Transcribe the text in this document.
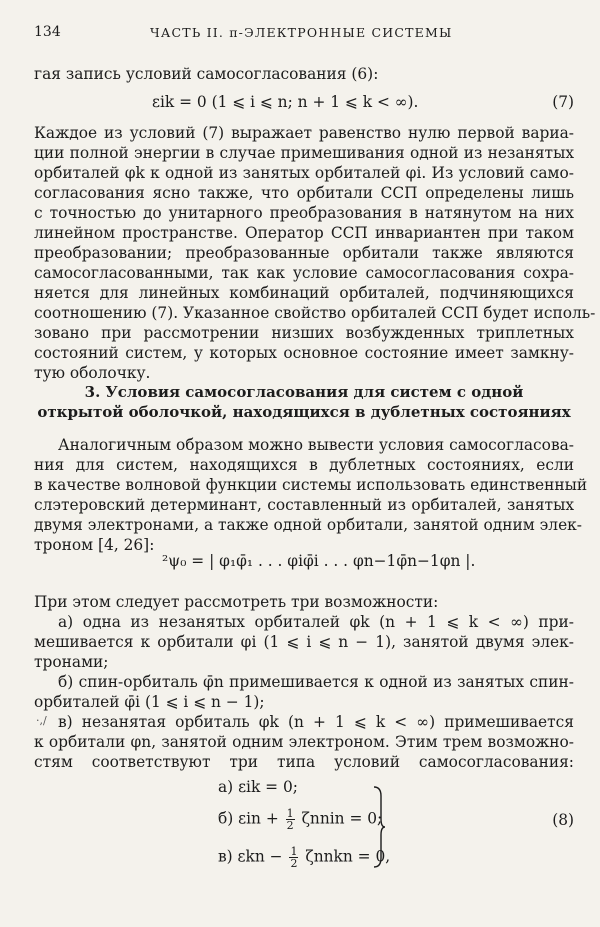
134	ЧАСТЬ II. π-ЭЛЕКТРОННЫЕ СИСТЕМЫ
гая запись условий самосогласования (6):
εik = 0 (1 ⩽ i ⩽ n; n + 1 ⩽ k < ∞).	(7)
Каждое из условий (7) выражает равенство нулю первой вариа-
ции полной энергии в случае примешивания одной из незанятых
орбиталей φk к одной из занятых орбиталей φi. Из условий само-
согласования ясно также, что орбитали ССП определены лишь
с точностью до унитарного преобразования в натянутом на них
линейном пространстве. Оператор ССП инвариантен при таком
преобразовании; преобразованные орбитали также являются
самосогласованными, так как условие самосогласования сохра-
няется для линейных комбинаций орбиталей, подчиняющихся
соотношению (7). Указанное свойство орбиталей ССП будет исполь-
зовано при рассмотрении низших возбужденных триплетных
состояний систем, у которых основное состояние имеет замкну-
тую оболочку.
3. Условия самосогласования для систем с одной
открытой оболочкой, находящихся в дублетных состояниях
Аналогичным образом можно вывести условия самосогласова-
ния для систем, находящихся в дублетных состояниях, если
в качестве волновой функции системы использовать единственный
слэтеровский детерминант, составленный из орбиталей, занятых
двумя электронами, а также одной орбитали, занятой одним элек-
троном [4, 26]:
²ψ₀ = | φ₁φ̄₁ . . . φiφ̄i . . . φn−1φ̄n−1φn |.
При этом следует рассмотреть три возможности:
а) одна из незанятых орбиталей φk (n + 1 ⩽ k < ∞) при-
мешивается к орбитали φi (1 ⩽ i ⩽ n − 1), занятой двумя элек-
тронами;
б) спин-орбиталь φ̄n примешивается к одной из занятых спин-
орбиталей φ̄i (1 ⩽ i ⩽ n − 1);
·,/ в) незанятая орбиталь φk (n + 1 ⩽ k < ∞) примешивается
к орбитали φn, занятой одним электроном. Этим трем возможно-
стям соответствуют три типа условий самосогласования:
а) εik = 0;
б) $\varepsilon in + \frac{1}{2}$ ζnnin = 0;
в) $\varepsilon kn - \frac{1}{2}$ ζnnkn = 0,
(8)
